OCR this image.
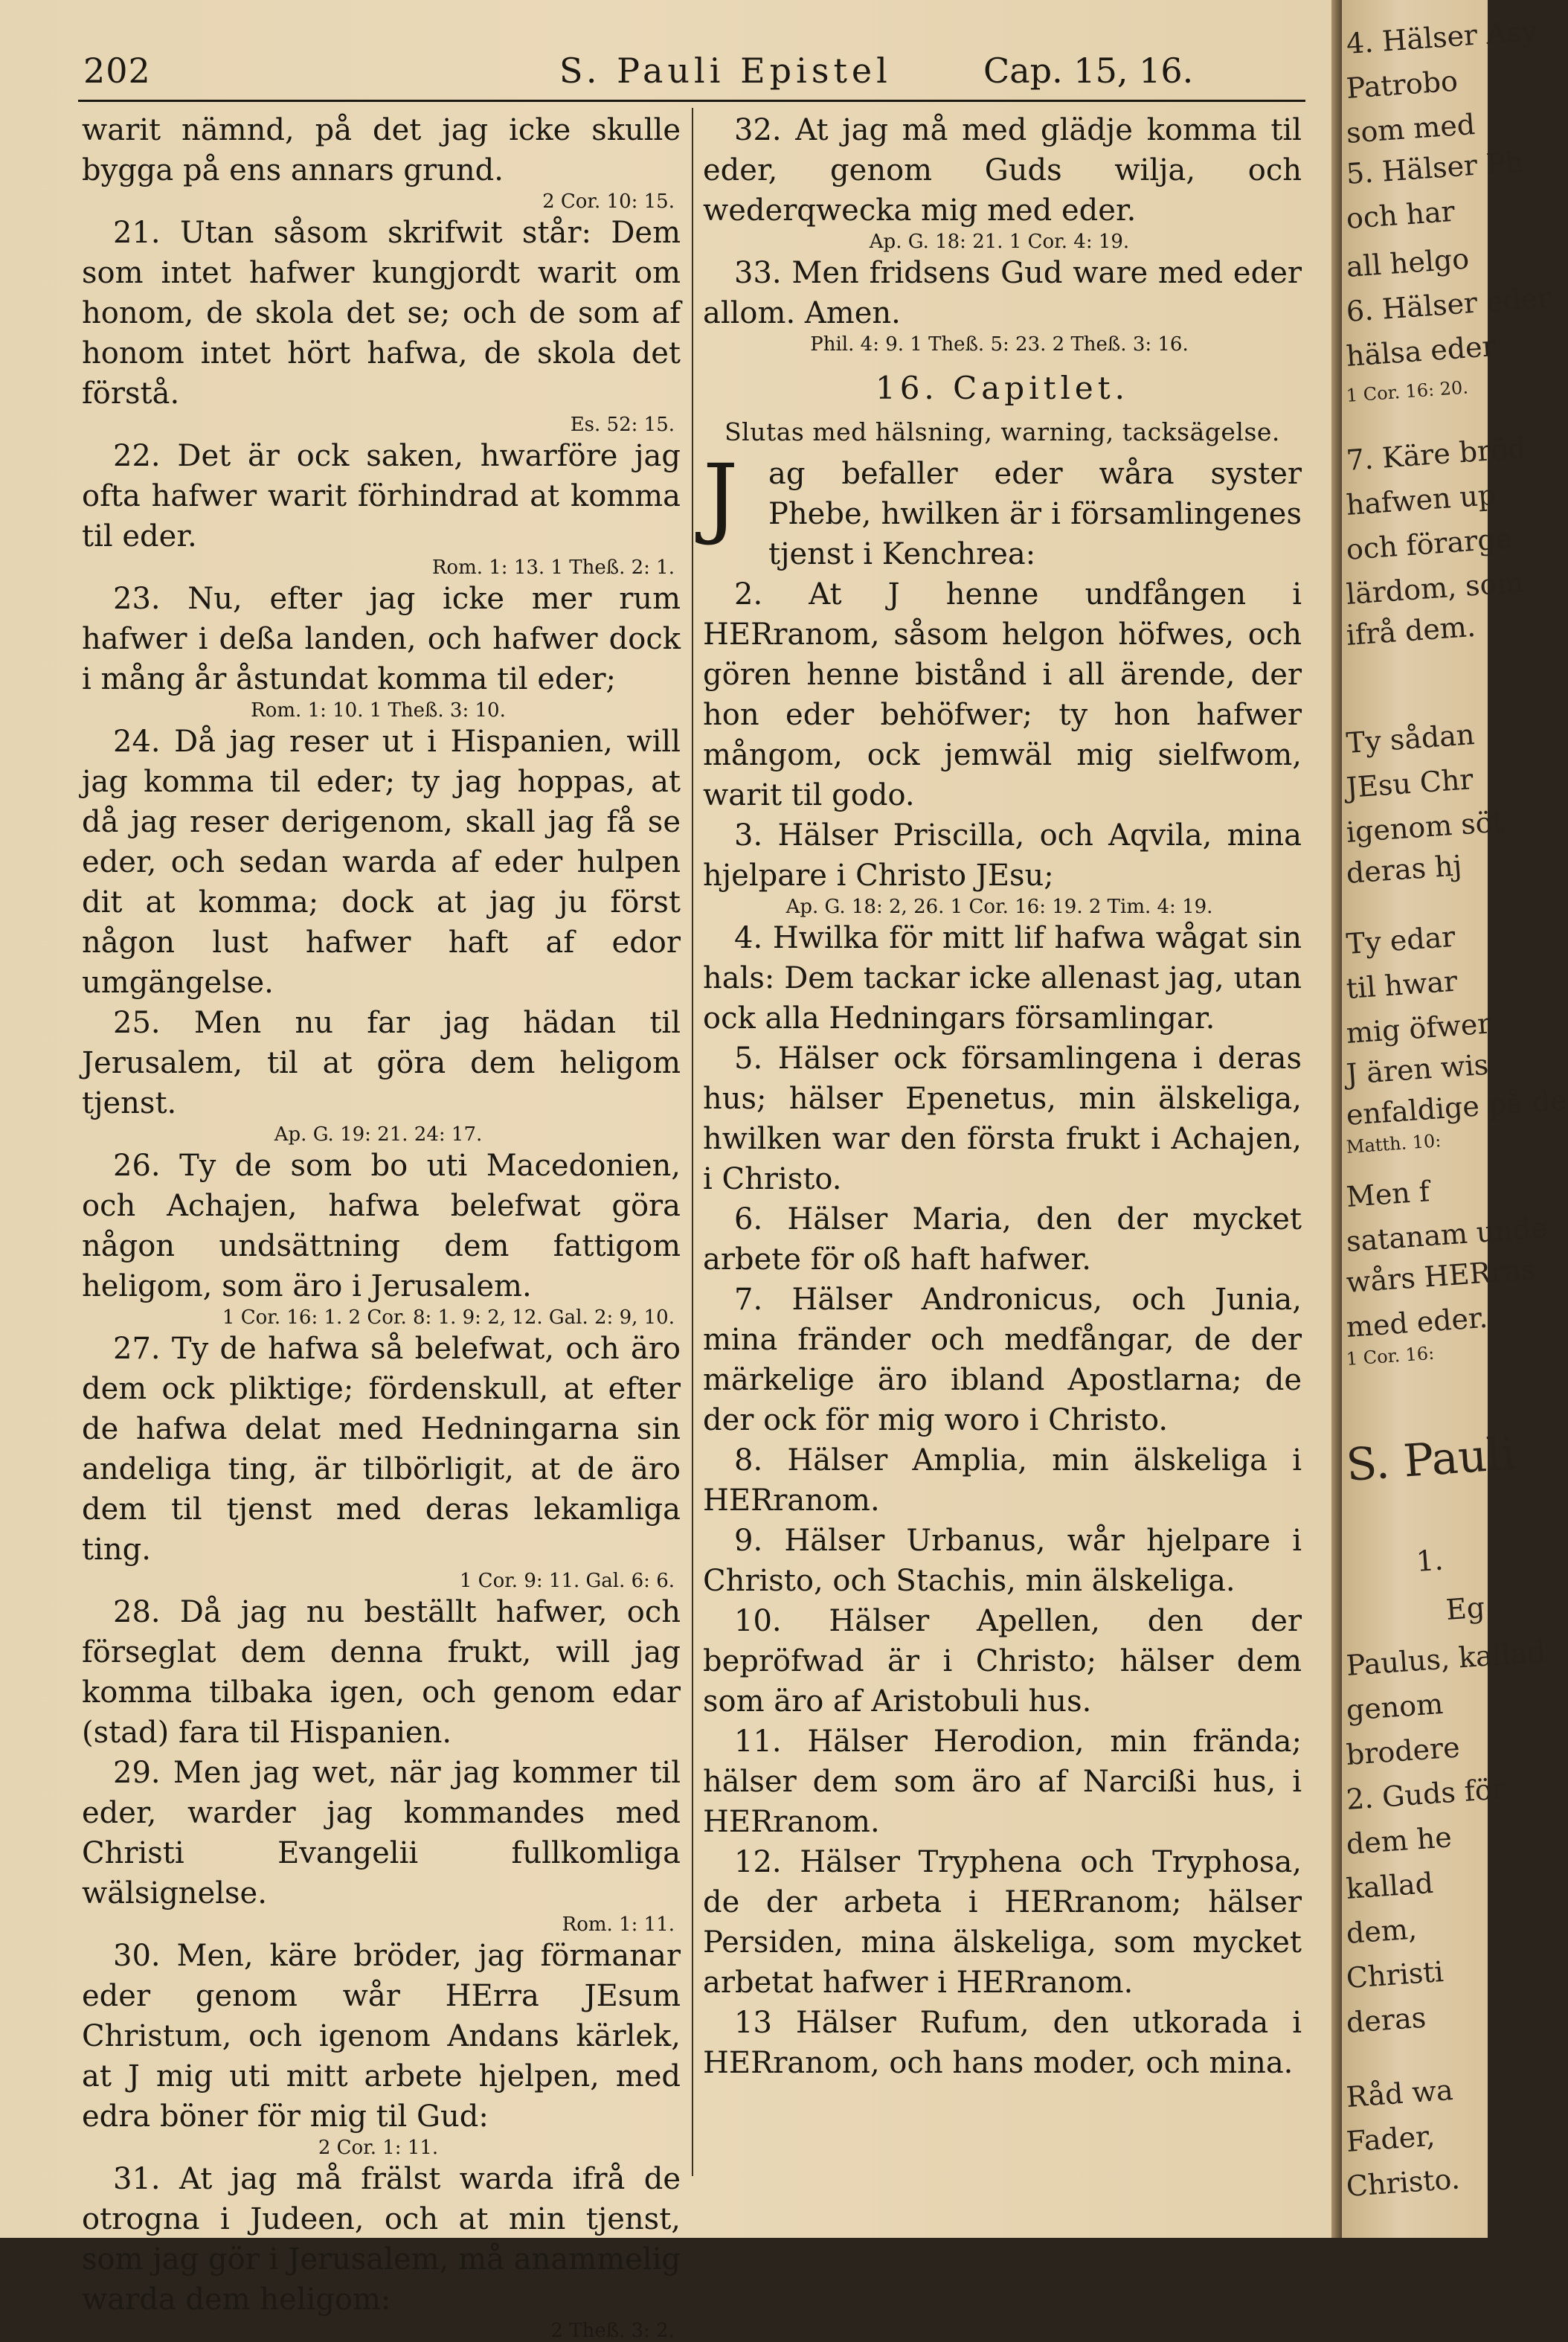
202	S. Pauli Epistel	Cap. 15, 16.

warit nämnd, på det jag icke skulle bygga på ens annars grund.

2 Cor. 10: 15.

21. Utan såsom skrifwit står: Dem som intet hafwer kungjordt warit om honom, de skola det se; och de som af honom intet hört hafwa, de skola det förstå.

Es. 52: 15.

22. Det är ock saken, hwarföre jag ofta hafwer warit förhindrad at komma til eder.

Rom. 1: 13. 1 Theß. 2: 1.

23. Nu, efter jag icke mer rum hafwer i deßa landen, och hafwer dock i mång år åstundat komma til eder;

Rom. 1: 10. 1 Theß. 3: 10.

24. Då jag reser ut i Hispanien, will jag komma til eder; ty jag hoppas, at då jag reser derigenom, skall jag få se eder, och sedan warda af eder hulpen dit at komma; dock at jag ju först någon lust hafwer haft af edor umgängelse.

25. Men nu far jag hädan til Jerusalem, til at göra dem heligom tjenst.

Ap. G. 19: 21. 24: 17.

26. Ty de som bo uti Macedonien, och Achajen, hafwa belefwat göra någon undsättning dem fattigom heligom, som äro i Jerusalem.

1 Cor. 16: 1. 2 Cor. 8: 1. 9: 2, 12. Gal. 2: 9, 10.

27. Ty de hafwa så belefwat, och äro dem ock pliktige; fördenskull, at efter de hafwa delat med Hedningarna sin andeliga ting, är tilbörligit, at de äro dem til tjenst med deras lekamliga ting.

1 Cor. 9: 11. Gal. 6: 6.

28. Då jag nu beställt hafwer, och förseglat dem denna frukt, will jag komma tilbaka igen, och genom edar (stad) fara til Hispanien.

29. Men jag wet, när jag kommer til eder, warder jag kommandes med Christi Evangelii fullkomliga wälsignelse.

Rom. 1: 11.

30. Men, käre bröder, jag förmanar eder genom wår HErra JEsum Christum, och igenom Andans kärlek, at J mig uti mitt arbete hjelpen, med edra böner för mig til Gud:

2 Cor. 1: 11.

31. At jag må frälst warda ifrå de otrogna i Judeen, och at min tjenst, som jag gör i Jerusalem, må anammelig warda dem heligom:

2 Theß. 3: 2.

32. At jag må med glädje komma til eder, genom Guds wilja, och wederqwecka mig med eder.

Ap. G. 18: 21. 1 Cor. 4: 19.

33. Men fridsens Gud ware med eder allom. Amen.

Phil. 4: 9. 1 Theß. 5: 23. 2 Theß. 3: 16.

16. Capitlet.
Slutas med hälsning, warning, tacksägelse.

J ag befaller eder wåra syster Phebe, hwilken är i församlingenes tjenst i Kenchrea:

2. At J henne undfången i HERranom, såsom helgon höfwes, och gören henne bistånd i all ärende, der hon eder behöfwer; ty hon hafwer mångom, ock jemwäl mig sielfwom, warit til godo.

3. Hälser Priscilla, och Aqvila, mina hjelpare i Christo JEsu;

Ap. G. 18: 2, 26. 1 Cor. 16: 19. 2 Tim. 4: 19.

4. Hwilka för mitt lif hafwa wågat sin hals: Dem tackar icke allenast jag, utan ock alla Hedningars församlingar.

5. Hälser ock församlingena i deras hus; hälser Epenetus, min älskeliga, hwilken war den första frukt i Achajen, i Christo.

6. Hälser Maria, den der mycket arbete för oß haft hafwer.

7. Hälser Andronicus, och Junia, mina fränder och medfångar, de der märkelige äro ibland Apostlarna; de der ock för mig woro i Christo.

8. Hälser Amplia, min älskeliga i HERranom.

9. Hälser Urbanus, wår hjelpare i Christo, och Stachis, min älskeliga.

10. Hälser Apellen, den der bepröfwad är i Christo; hälser dem som äro af Aristobuli hus.

11. Hälser Herodion, min frända; hälser dem som äro af Narcißi hus, i HERranom.

12. Hälser Tryphena och Tryphosa, de der arbeta i HERranom; hälser Persiden, mina älskeliga, som mycket arbetat hafwer i HERranom.

13 Hälser Rufum, den utkorada i HERranom, och hans moder, och mina.

4. Hälser Asy
Patrobo
som med
5. Hälser Ph
och har
all helgo
6. Hälser eder
hälsa eder
1 Cor. 16: 20.
7. Käre bröd
hafwen up
och förarge
lärdom, som
ifrå dem.
Ty sådan
JEsu Chr
igenom söt
deras hj
Ty edar
til hwar
mig öfwer
J ären wis
enfaldige på de
Matth. 10:
Men f
satanam unde
wårs HERras
med eder.
1 Cor. 16:
S. Pauli
1.
Eg
Paulus, kallad
genom
brodere
2. Guds för
dem he
kallad
dem,
Christi
deras
Råd wa
Fader,
Christo.
